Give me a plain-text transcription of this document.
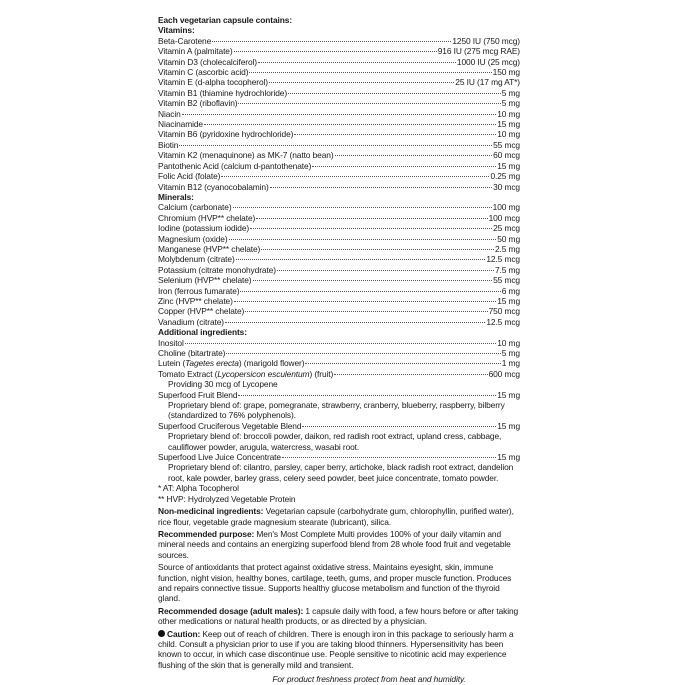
Each vegetarian capsule contains:
Vitamins:
Beta-Carotene	1250 IU (750 mcg)
Vitamin A (palmitate)	916 IU (275 mcg RAE)
Vitamin D3 (cholecalciferol)	1000 IU (25 mcg)
Vitamin C (ascorbic acid)	150 mg
Vitamin E (d-alpha tocopherol)	25 IU (17 mg AT*)
Vitamin B1 (thiamine hydrochloride)	5 mg
Vitamin B2 (riboflavin)	5 mg
Niacin	10 mg
Niacinamide	15 mg
Vitamin B6 (pyridoxine hydrochloride)	10 mg
Biotin	55 mcg
Vitamin K2 (menaquinone) as MK-7 (natto bean)	60 mcg
Pantothenic Acid (calcium d-pantothenate)	15 mg
Folic Acid (folate)	0.25 mg
Vitamin B12 (cyanocobalamin)	30 mcg
Minerals:
Calcium (carbonate)	100 mg
Chromium (HVP** chelate)	100 mcg
Iodine (potassium iodide)	25 mcg
Magnesium (oxide)	50 mg
Manganese (HVP** chelate)	2.5 mg
Molybdenum (citrate)	12.5 mcg
Potassium (citrate monohydrate)	7.5 mg
Selenium (HVP** chelate)	55 mcg
Iron (ferrous fumarate)	6 mg
Zinc (HVP** chelate)	15 mg
Copper (HVP** chelate)	750 mcg
Vanadium (citrate)	12.5 mcg
Additional ingredients:
Inositol	10 mg
Choline (bitartrate)	5 mg
Lutein (Tagetes erecta) (marigold flower)	1 mg
Tomato Extract (Lycopersicon esculentum) (fruit)	600 mcg
Providing 30 mcg of Lycopene
Superfood Fruit Blend	15 mg
Proprietary blend of: grape, pomegranate, strawberry, cranberry, blueberry, raspberry, bilberry (standardized to 76% polyphenols).
Superfood Cruciferous Vegetable Blend	15 mg
Proprietary blend of: broccoli powder, daikon, red radish root extract, upland cress, cabbage, cauliflower powder, arugula, watercress, wasabi root.
Superfood Live Juice Concentrate	15 mg
Proprietary blend of: cilantro, parsley, caper berry, artichoke, black radish root extract, dandelion root, kale powder, barley grass, celery seed powder, beet juice concentrate, tomato powder.
* AT: Alpha Tocopherol
** HVP: Hydrolyzed Vegetable Protein
Non-medicinal ingredients: Vegetarian capsule (carbohydrate gum, chlorophyllin, purified water), rice flour, vegetable grade magnesium stearate (lubricant), silica.
Recommended purpose: Men's Most Complete Multi provides 100% of your daily vitamin and mineral needs and contains an energizing superfood blend from 28 whole food fruit and vegetable sources.
Source of antioxidants that protect against oxidative stress. Maintains eyesight, skin, immune function, night vision, healthy bones, cartilage, teeth, gums, and proper muscle function. Produces and repairs connective tissue. Supports healthy glucose metabolism and function of the thyroid gland.
Recommended dosage (adult males): 1 capsule daily with food, a few hours before or after taking other medications or natural health products, or as directed by a physician.
Caution: Keep out of reach of children. There is enough iron in this package to seriously harm a child. Consult a physician prior to use if you are taking blood thinners. Hypersensitivity has been known to occur, in which case discontinue use. People sensitive to nicotinic acid may experience flushing of the skin that is generally mild and transient.
For product freshness protect from heat and humidity.
